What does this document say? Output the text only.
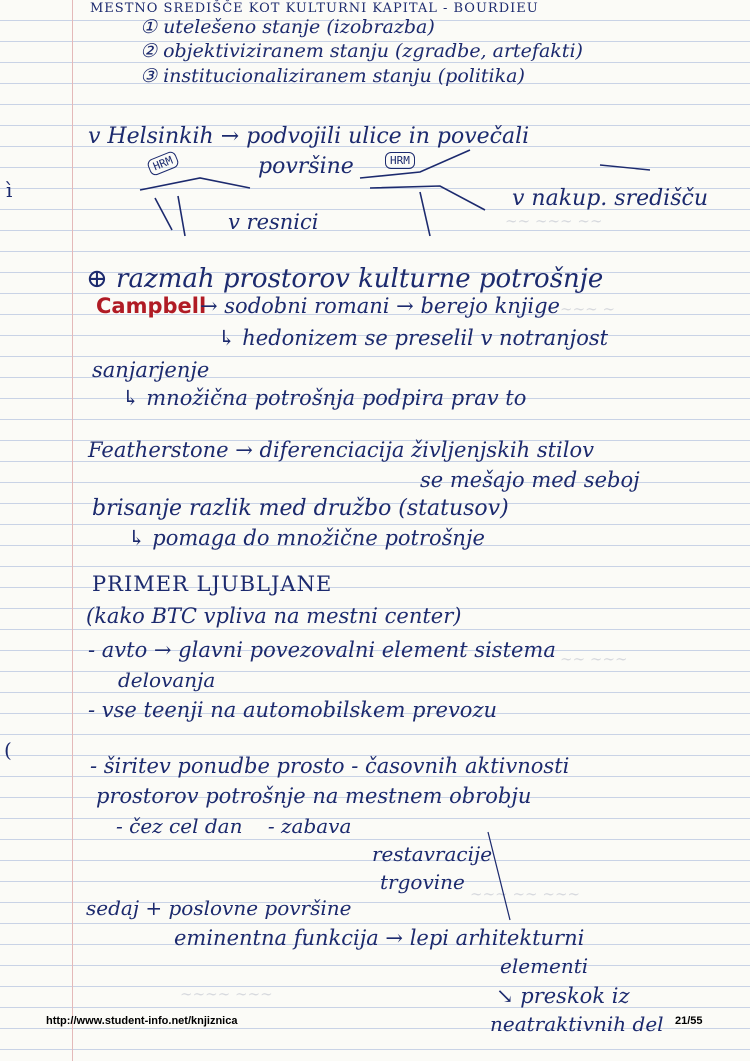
∼∼ ∼∼∼ ∼∼
∼∼∼ ∼
∼∼ ∼∼∼
∼∼∼ ∼∼ ∼∼∼
∼∼∼∼ ∼∼∼
ì
(
MESTNO SREDIŠČE KOT KULTURNI KAPITAL - BOURDIEU
① utelešeno stanje (izobrazba)
② objektiviziranem stanju (zgradbe, artefakti)
③ institucionaliziranem stanju (politika)
v Helsinkih → podvojili ulice in povečali
površine
v nakup. središču
v resnici
HRM	HRM
⊕ razmah prostorov kulturne potrošnje
Campbell
→ sodobni romani → berejo knjige
↳ hedonizem se preselil v notranjost
sanjarjenje
↳ množična potrošnja podpira prav to
Featherstone → diferenciacija življenjskih stilov
se mešajo med seboj
brisanje razlik med družbo (statusov)
↳ pomaga do množične potrošnje
PRIMER LJUBLJANE
(kako BTC vpliva na mestni center)
- avto → glavni povezovalni element sistema
delovanja
- vse teenji na automobilskem prevozu
- širitev ponudbe prosto - časovnih aktivnosti
prostorov potrošnje na mestnem obrobju
- čez cel dan    - zabava
restavracije
trgovine
sedaj + poslovne površine
eminentna funkcija → lepi arhitekturni
elementi
↘ preskok iz
neatraktivnih del
http://www.student-info.net/knjiznica	21/55
